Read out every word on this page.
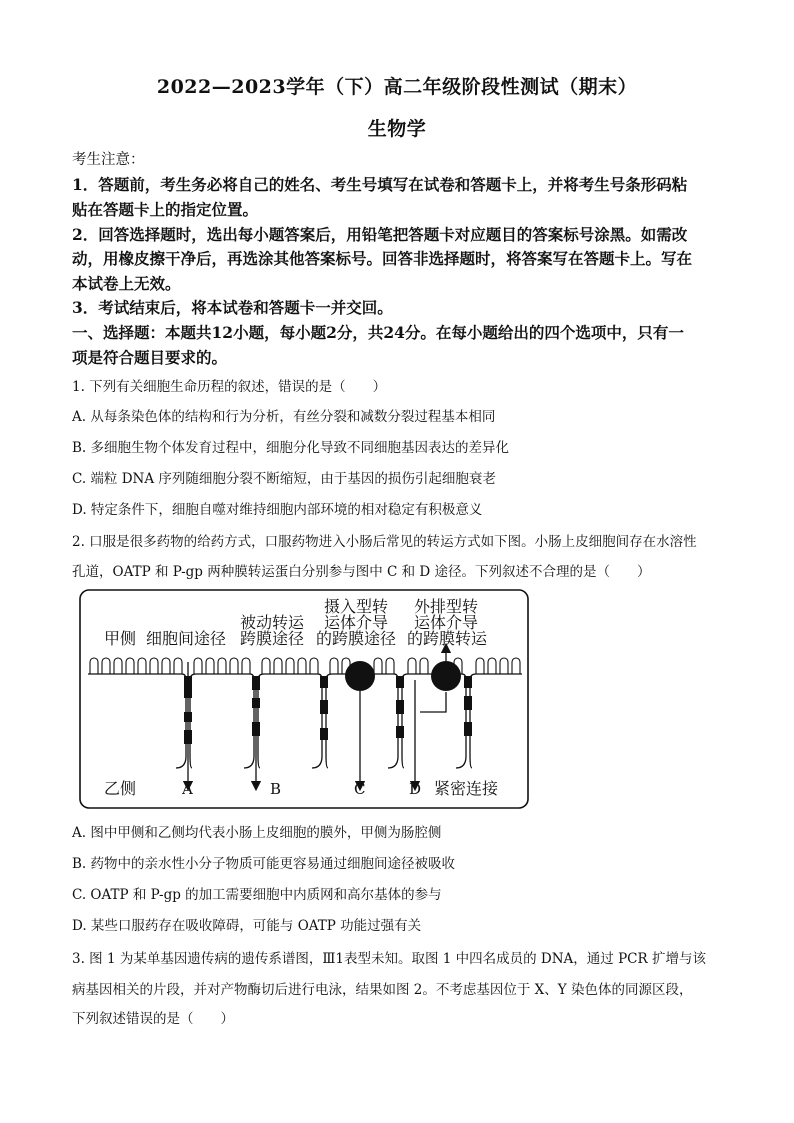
2022—2023学年（下）高二年级阶段性测试（期末）
生物学
考生注意：
1．答题前，考生务必将自己的姓名、考生号填写在试卷和答题卡上，并将考生号条形码粘
贴在答题卡上的指定位置。
2．回答选择题时，选出每小题答案后，用铅笔把答题卡对应题目的答案标号涂黑。如需改
动，用橡皮擦干净后，再选涂其他答案标号。回答非选择题时，将答案写在答题卡上。写在
本试卷上无效。
3．考试结束后，将本试卷和答题卡一并交回。
一、选择题：本题共12小题，每小题2分，共24分。在每小题给出的四个选项中，只有一
项是符合题目要求的。
1. 下列有关细胞生命历程的叙述，错误的是（　　）
A. 从每条染色体的结构和行为分析，有丝分裂和减数分裂过程基本相同
B. 多细胞生物个体发育过程中，细胞分化导致不同细胞基因表达的差异化
C. 端粒 DNA 序列随细胞分裂不断缩短，由于基因的损伤引起细胞衰老
D. 特定条件下，细胞自噬对维持细胞内部环境的相对稳定有积极意义
2. 口服是很多药物的给药方式，口服药物进入小肠后常见的转运方式如下图。小肠上皮细胞间存在水溶性
孔道，OATP 和 P-gp 两种膜转运蛋白分别参与图中 C 和 D 途径。下列叙述不合理的是（　　）
甲侧 细胞间途径
被动转运
跨膜途径
摄入型转
运体介导
的跨膜途径
外排型转
运体介导
的跨膜转运
乙侧	A	B	C	D 紧密连接
A. 图中甲侧和乙侧均代表小肠上皮细胞的膜外，甲侧为肠腔侧
B. 药物中的亲水性小分子物质可能更容易通过细胞间途径被吸收
C. OATP 和 P-gp 的加工需要细胞中内质网和高尔基体的参与
D. 某些口服药存在吸收障碍，可能与 OATP 功能过强有关
3. 图 1 为某单基因遗传病的遗传系谱图，Ⅲ1表型未知。取图 1 中四名成员的 DNA，通过 PCR 扩增与该
病基因相关的片段，并对产物酶切后进行电泳，结果如图 2。不考虑基因位于 X、Y 染色体的同源区段，
下列叙述错误的是（　　）
